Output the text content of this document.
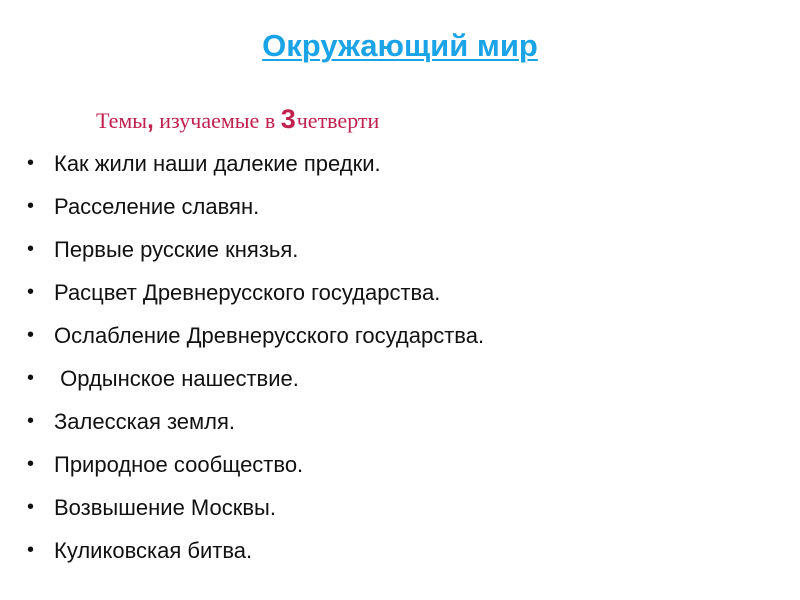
Окружающий мир
Темы, изучаемые в 3четверти
• Как жили наши далекие предки.
• Расселение славян.
• Первые русские князья.
• Расцвет Древнерусского государства.
• Ослабление Древнерусского государства.
• Ордынское нашествие.
• Залесская земля.
• Природное сообщество.
• Возвышение Москвы.
• Куликовская битва.
